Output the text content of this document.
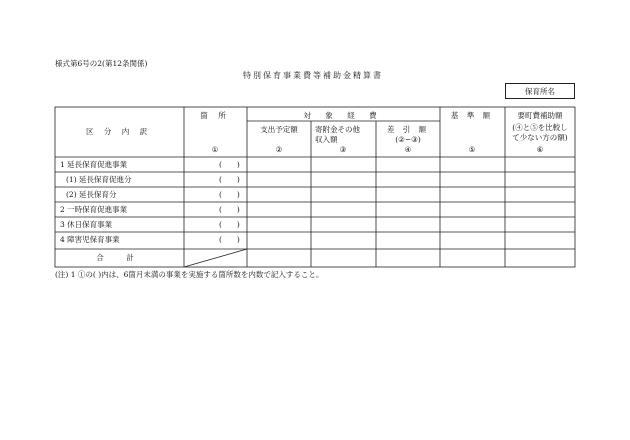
様式第6号の2(第12条関係)
特別保育事業費等補助金精算書
保育所名
区 分 内 訳
箇 所
①
対 象 経 費
支出予定額
②
寄附金その他
収入額
③
差 引 額
(②−③)
④
基 準 額
⑤
要町費補助額
(④と⑤を比較し
て少ない方の額)
⑥
1 延長保育促進事業	(　　)
(1) 延長保育促進分	(　　)
(2) 延長保育分	(　　)
2 一時保育促進事業	(　　)
3 休日保育事業	(　　)
4 障害児保育事業	(　　)
合 計
(注) 1 ①の( )内は、6箇月未満の事業を実施する箇所数を内数で記入すること。
